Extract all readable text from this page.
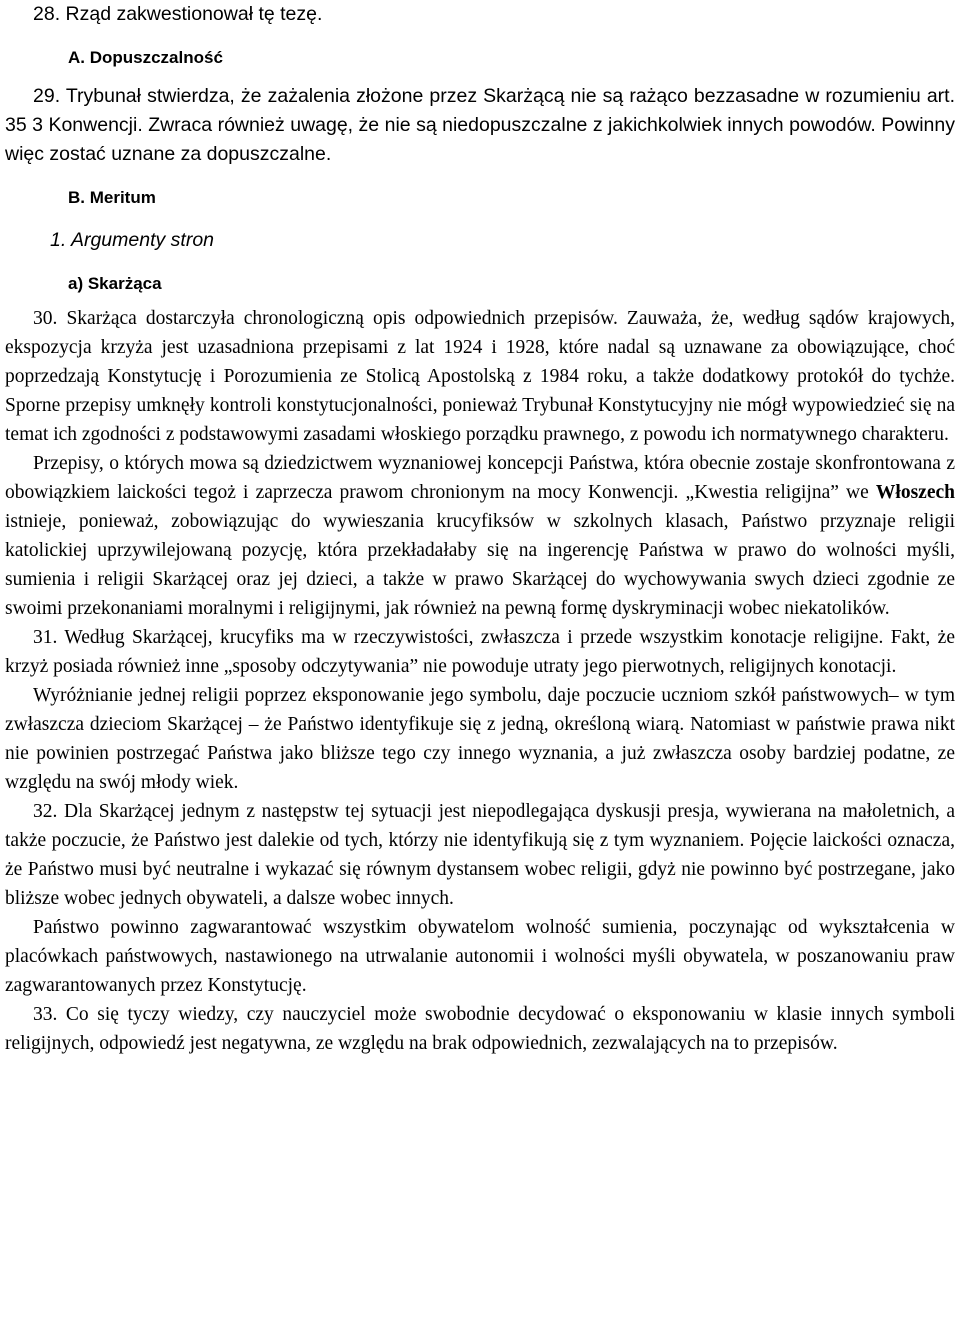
28. Rząd zakwestionował tę tezę.

A. Dopuszczalność

29. Trybunał stwierdza, że zażalenia złożone przez Skarżącą nie są rażąco bezzasadne w rozumieniu art. 35 3 Konwencji. Zwraca również uwagę, że nie są niedopuszczalne z jakichkolwiek innych powodów. Powinny więc zostać uznane za dopuszczalne.

B. Meritum
1. Argumenty stron
a) Skarżąca

30. Skarżąca dostarczyła chronologiczną opis odpowiednich przepisów. Zauważa, że, według sądów krajowych, ekspozycja krzyża jest uzasadniona przepisami z lat 1924 i 1928, które nadal są uznawane za obowiązujące, choć poprzedzają Konstytucję i Porozumienia ze Stolicą Apostolską z 1984 roku, a także dodatkowy protokół do tychże. Sporne przepisy umknęły kontroli konstytucjonalności, ponieważ Trybunał Konstytucyjny nie mógł wypowiedzieć się na temat ich zgodności z podstawowymi zasadami włoskiego porządku prawnego, z powodu ich normatywnego charakteru.

Przepisy, o których mowa są dziedzictwem wyznaniowej koncepcji Państwa, która obecnie zostaje skonfrontowana z obowiązkiem laickości tegoż i zaprzecza prawom chronionym na mocy Konwencji. „Kwestia religijna” we Włoszech istnieje, ponieważ, zobowiązując do wywieszania krucyfiksów w szkolnych klasach, Państwo przyznaje religii katolickiej uprzywilejowaną pozycję, która przekładałaby się na ingerencję Państwa w prawo do wolności myśli, sumienia i religii Skarżącej oraz jej dzieci, a także w prawo Skarżącej do wychowywania swych dzieci zgodnie ze swoimi przekonaniami moralnymi i religijnymi, jak również na pewną formę dyskryminacji wobec niekatolików.

31. Według Skarżącej, krucyfiks ma w rzeczywistości, zwłaszcza i przede wszystkim konotacje religijne. Fakt, że krzyż posiada również inne „sposoby odczytywania” nie powoduje utraty jego pierwotnych, religijnych konotacji.

Wyróżnianie jednej religii poprzez eksponowanie jego symbolu, daje poczucie uczniom szkół państwowych– w tym zwłaszcza dzieciom Skarżącej – że Państwo identyfikuje się z jedną, określoną wiarą. Natomiast w państwie prawa nikt nie powinien postrzegać Państwa jako bliższe tego czy innego wyznania, a już zwłaszcza osoby bardziej podatne, ze względu na swój młody wiek.

32. Dla Skarżącej jednym z następstw tej sytuacji jest niepodlegająca dyskusji presja, wywierana na małoletnich, a także poczucie, że Państwo jest dalekie od tych, którzy nie identyfikują się z tym wyznaniem. Pojęcie laickości oznacza, że Państwo musi być neutralne i wykazać się równym dystansem wobec religii, gdyż nie powinno być postrzegane, jako bliższe wobec jednych obywateli, a dalsze wobec innych.

Państwo powinno zagwarantować wszystkim obywatelom wolność sumienia, poczynając od wykształcenia w placówkach państwowych, nastawionego na utrwalanie autonomii i wolności myśli obywatela, w poszanowaniu praw zagwarantowanych przez Konstytucję.

33. Co się tyczy wiedzy, czy nauczyciel może swobodnie decydować o eksponowaniu w klasie innych symboli religijnych, odpowiedź jest negatywna, ze względu na brak odpowiednich, zezwalających na to przepisów.
